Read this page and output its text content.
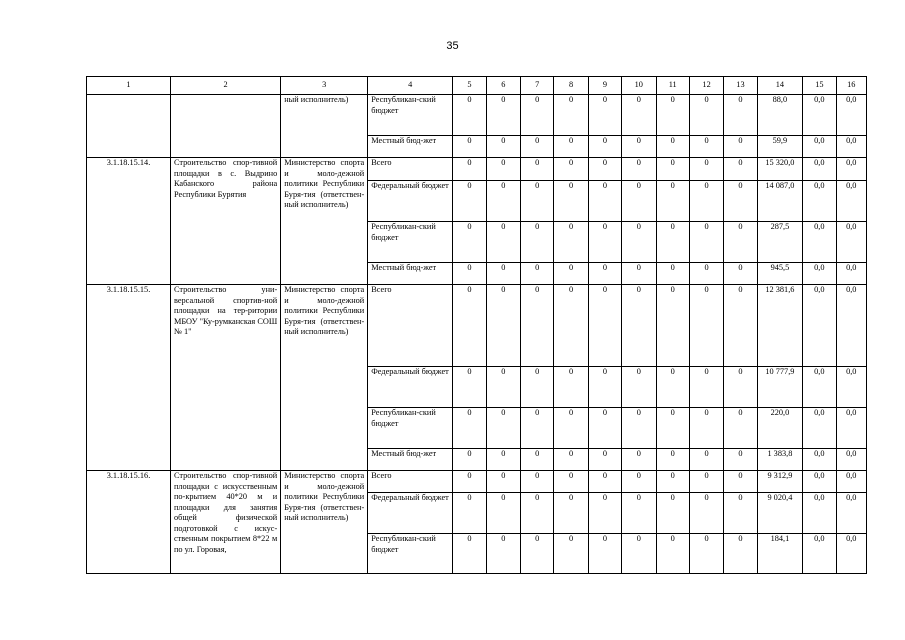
35
1	2	3	4	5	6	7	8	9	10	11	12	13	14	15	16
		ный исполнитель)	Республикан-ский бюджет	0	0	0	0	0	0	0	0	0	88,0	0,0	0,0
			Местный бюд-жет	0	0	0	0	0	0	0	0	0	59,9	0,0	0,0
3.1.18.15.14.	Строительство спор-тивной площадки в с. Выдрино Кабанского района Республики Бурятия	Министерство спорта и моло-дежной политики Республики Буря-тия (ответствен-ный исполнитель)	Всего	0	0	0	0	0	0	0	0	0	15 320,0	0,0	0,0
			Федеральный бюджет	0	0	0	0	0	0	0	0	0	14 087,0	0,0	0,0
			Республикан-ский бюджет	0	0	0	0	0	0	0	0	0	287,5	0,0	0,0
			Местный бюд-жет	0	0	0	0	0	0	0	0	0	945,5	0,0	0,0
3.1.18.15.15.	Строительство уни-версальной спортив-ной площадки на тер-ритории МБОУ "Ку-румканская СОШ № 1"	Министерство спорта и моло-дежной политики Республики Буря-тия (ответствен-ный исполнитель)	Всего	0	0	0	0	0	0	0	0	0	12 381,6	0,0	0,0
			Федеральный бюджет	0	0	0	0	0	0	0	0	0	10 777,9	0,0	0,0
			Республикан-ский бюджет	0	0	0	0	0	0	0	0	0	220,0	0,0	0,0
			Местный бюд-жет	0	0	0	0	0	0	0	0	0	1 383,8	0,0	0,0
3.1.18.15.16.	Строительство спор-тивной площадки с искусственным по-крытием 40*20 м и площадки для занятия общей физической подготовкой с искус-ственным покрытием 8*22 м по ул. Горовая,	Министерство спорта и моло-дежной политики Республики Буря-тия (ответствен-ный исполнитель)	Всего	0	0	0	0	0	0	0	0	0	9 312,9	0,0	0,0
			Федеральный бюджет	0	0	0	0	0	0	0	0	0	9 020,4	0,0	0,0
			Республикан-ский бюджет	0	0	0	0	0	0	0	0	0	184,1	0,0	0,0
